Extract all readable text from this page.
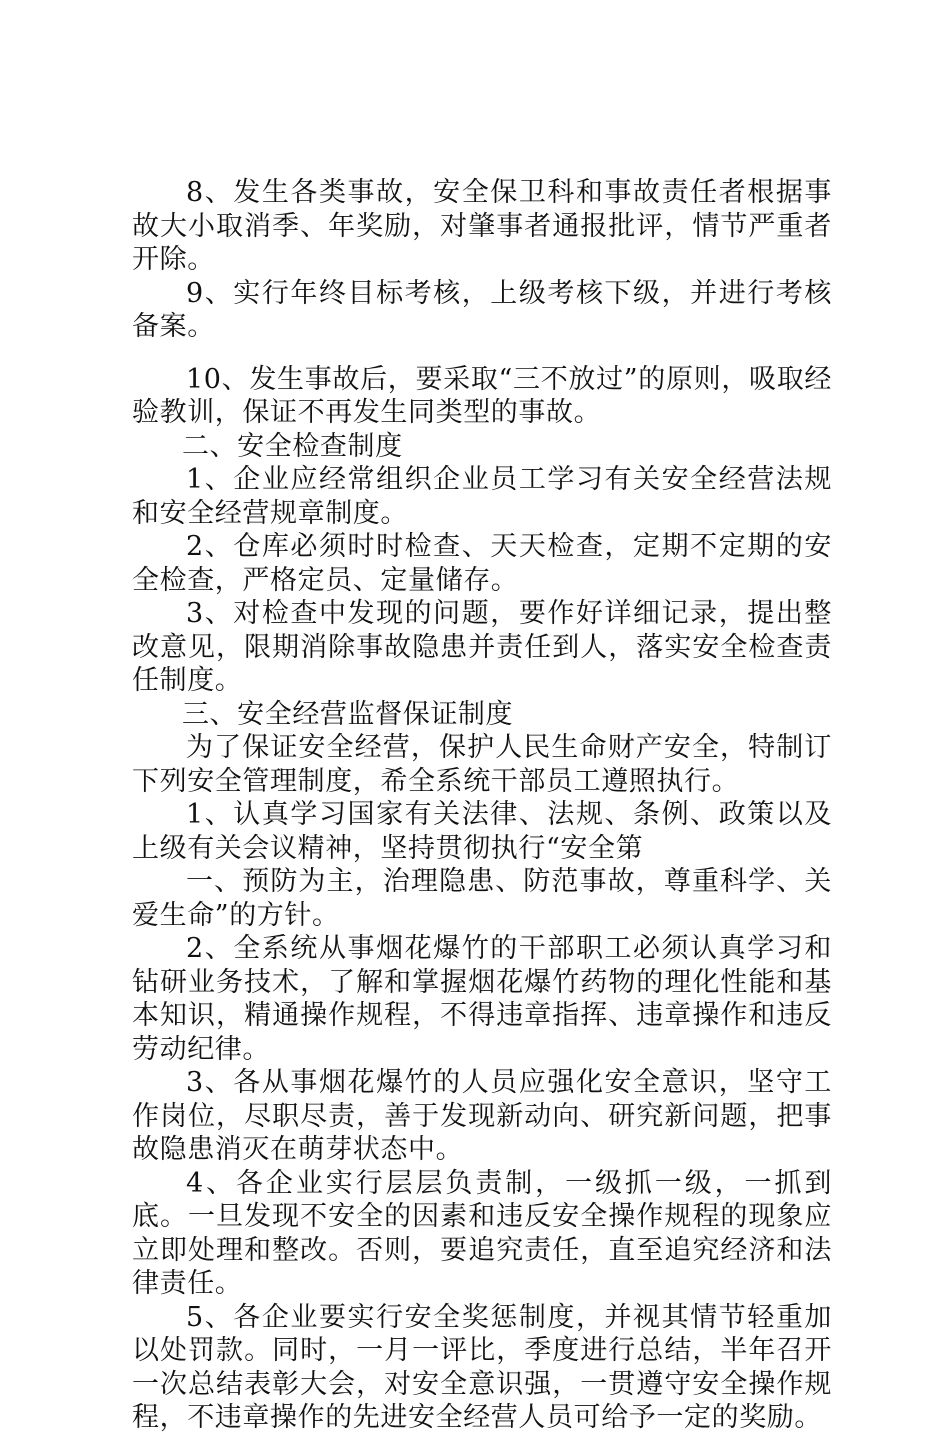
8、发生各类事故，安全保卫科和事故责任者根据事故大小取消季、年奖励，对肇事者通报批评，情节严重者开除。

9、实行年终目标考核，上级考核下级，并进行考核备案。

10、发生事故后，要采取“三不放过”的原则，吸取经验教训，保证不再发生同类型的事故。

二、安全检查制度

1、企业应经常组织企业员工学习有关安全经营法规和安全经营规章制度。

2、仓库必须时时检查、天天检查，定期不定期的安全检查，严格定员、定量储存。

3、对检查中发现的问题，要作好详细记录，提出整改意见，限期消除事故隐患并责任到人，落实安全检查责任制度。

三、安全经营监督保证制度

为了保证安全经营，保护人民生命财产安全，特制订下列安全管理制度，希全系统干部员工遵照执行。

1、认真学习国家有关法律、法规、条例、政策以及上级有关会议精神，坚持贯彻执行“安全第

一、预防为主，治理隐患、防范事故，尊重科学、关爱生命”的方针。

2、全系统从事烟花爆竹的干部职工必须认真学习和钻研业务技术，了解和掌握烟花爆竹药物的理化性能和基本知识，精通操作规程，不得违章指挥、违章操作和违反劳动纪律。

3、各从事烟花爆竹的人员应强化安全意识，坚守工作岗位，尽职尽责，善于发现新动向、研究新问题，把事故隐患消灭在萌芽状态中。

4、各企业实行层层负责制，一级抓一级，一抓到底。一旦发现不安全的因素和违反安全操作规程的现象应立即处理和整改。否则，要追究责任，直至追究经济和法律责任。

5、各企业要实行安全奖惩制度，并视其情节轻重加以处罚款。同时，一月一评比，季度进行总结，半年召开一次总结表彰大会，对安全意识强，一贯遵守安全操作规程，不违章操作的先进安全经营人员可给予一定的奖励。
